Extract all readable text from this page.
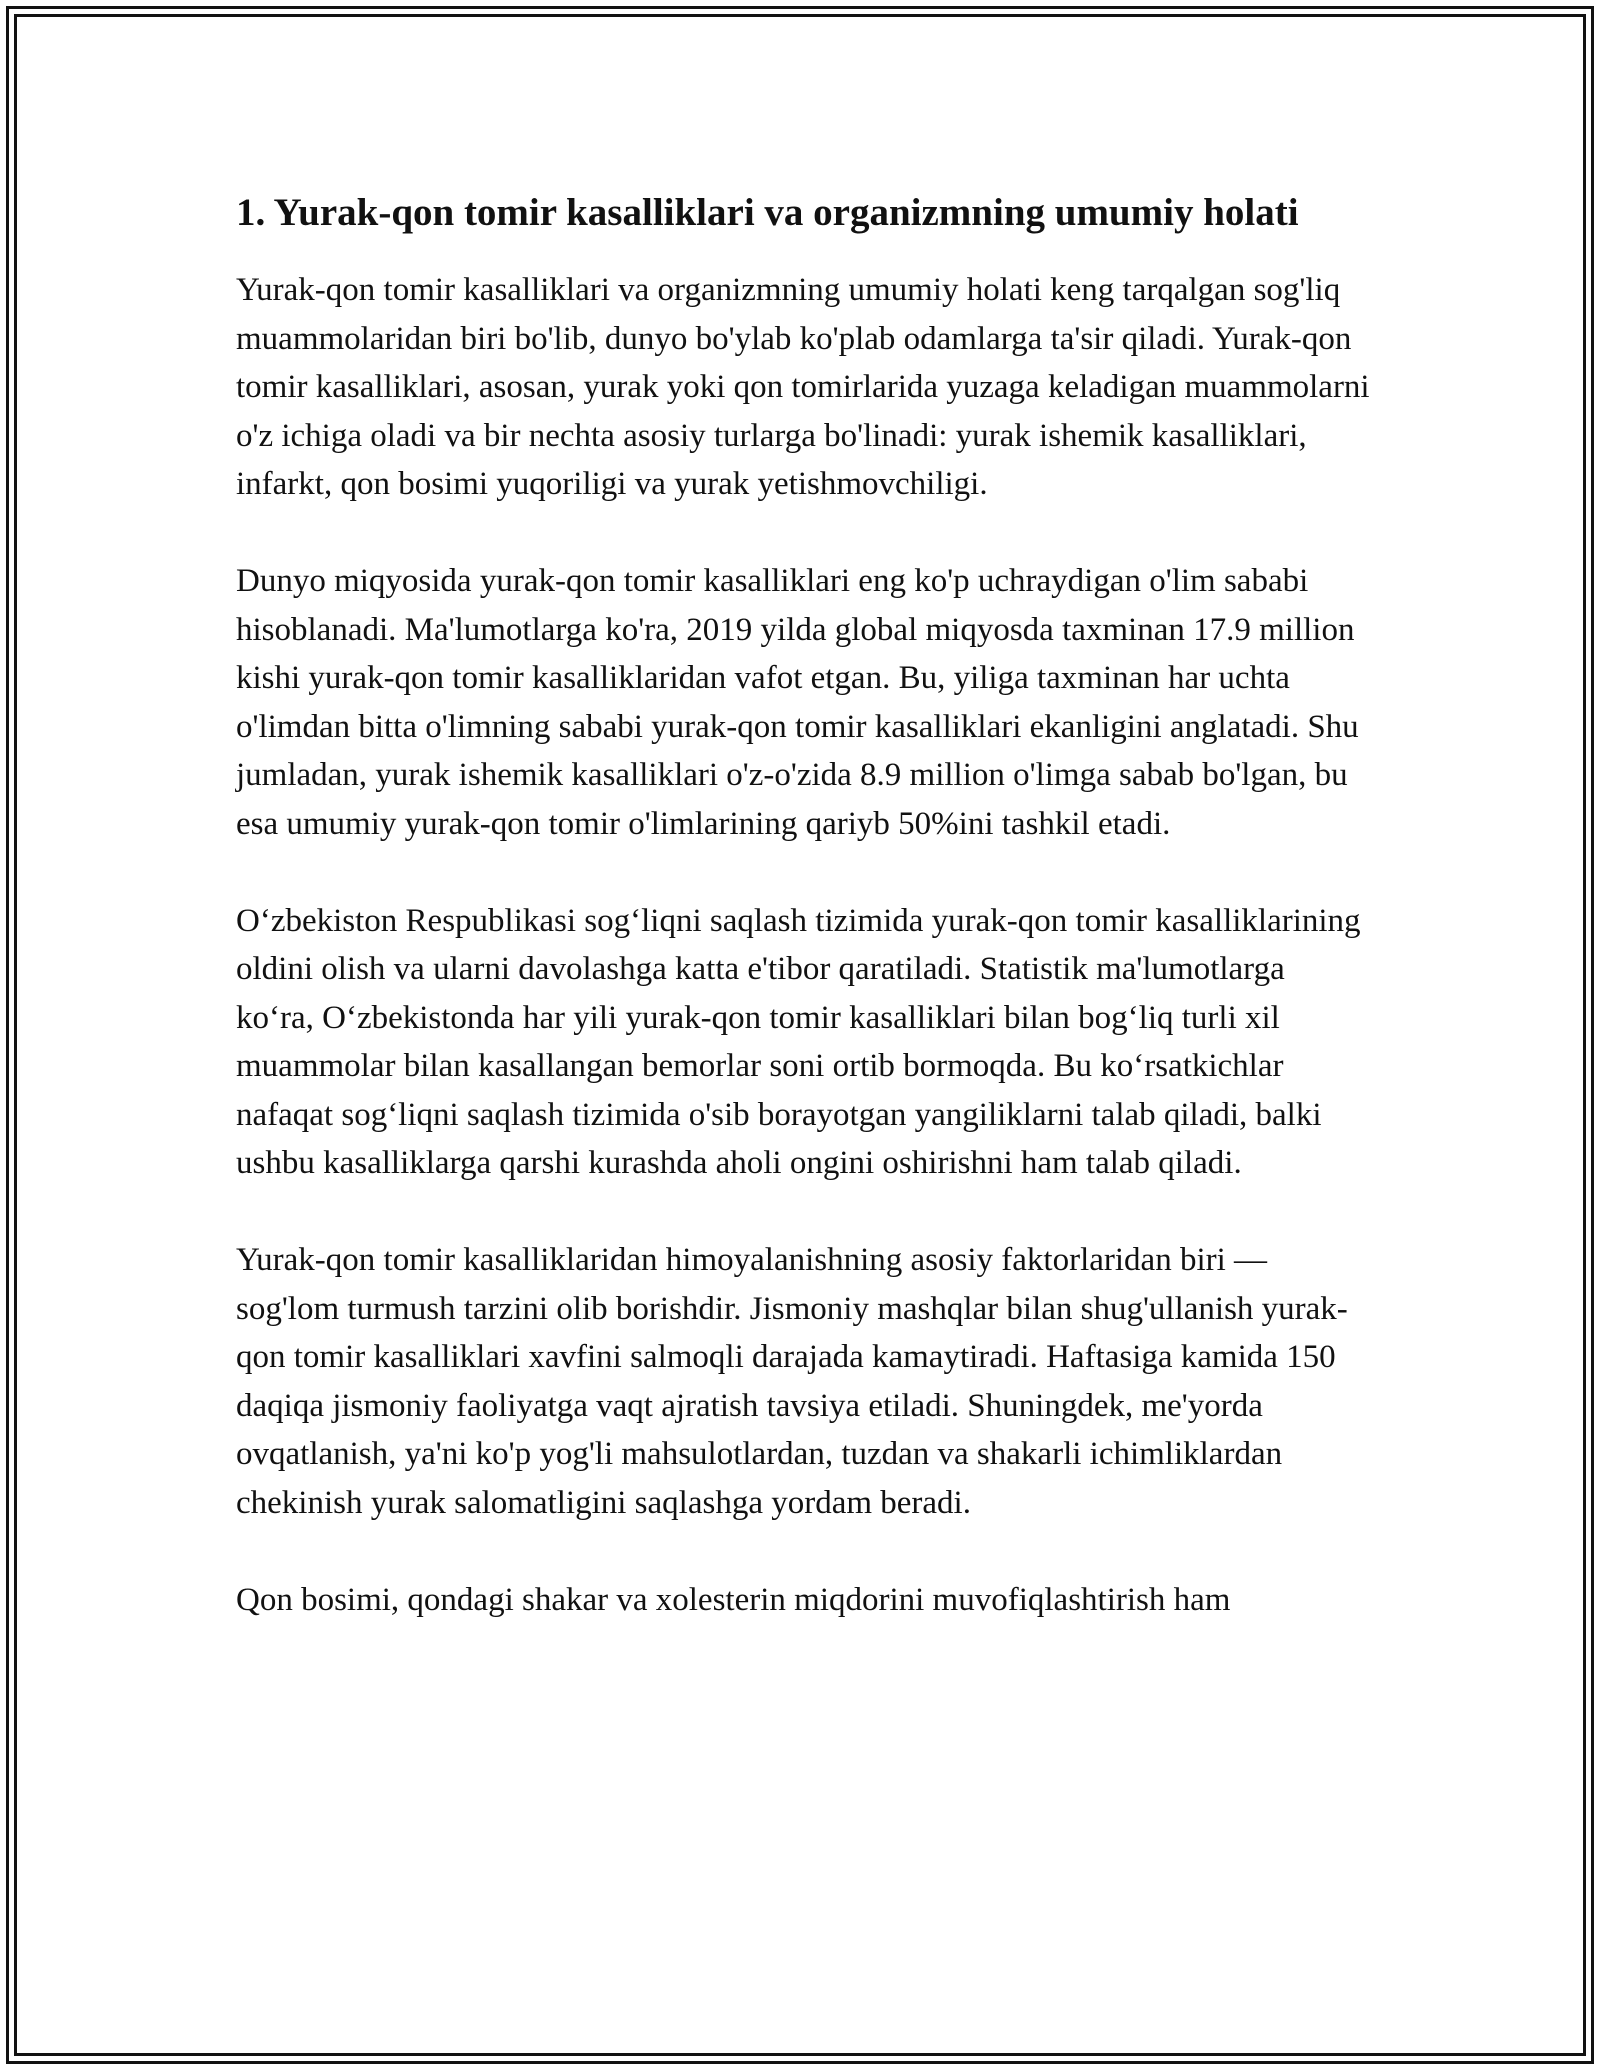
1. Yurak-qon tomir kasalliklari va organizmning umumiy holati

Yurak-qon tomir kasalliklari va organizmning umumiy holati keng tarqalgan sog'liq muammolaridan biri bo'lib, dunyo bo'ylab ko'plab odamlarga ta'sir qiladi. Yurak-qon tomir kasalliklari, asosan, yurak yoki qon tomirlarida yuzaga keladigan muammolarni o'z ichiga oladi va bir nechta asosiy turlarga bo'linadi: yurak ishemik kasalliklari, infarkt, qon bosimi yuqoriligi va yurak yetishmovchiligi.

Dunyo miqyosida yurak-qon tomir kasalliklari eng ko'p uchraydigan o'lim sababi hisoblanadi. Ma'lumotlarga ko'ra, 2019 yilda global miqyosda taxminan 17.9 million kishi yurak-qon tomir kasalliklaridan vafot etgan. Bu, yiliga taxminan har uchta o'limdan bitta o'limning sababi yurak-qon tomir kasalliklari ekanligini anglatadi. Shu jumladan, yurak ishemik kasalliklari o'z-o'zida 8.9 million o'limga sabab bo'lgan, bu esa umumiy yurak-qon tomir o'limlarining qariyb 50%ini tashkil etadi.

O‘zbekiston Respublikasi sog‘liqni saqlash tizimida yurak-qon tomir kasalliklarining oldini olish va ularni davolashga katta e'tibor qaratiladi. Statistik ma'lumotlarga ko‘ra, O‘zbekistonda har yili yurak-qon tomir kasalliklari bilan bog‘liq turli xil muammolar bilan kasallangan bemorlar soni ortib bormoqda. Bu ko‘rsatkichlar nafaqat sog‘liqni saqlash tizimida o'sib borayotgan yangiliklarni talab qiladi, balki ushbu kasalliklarga qarshi kurashda aholi ongini oshirishni ham talab qiladi.

Yurak-qon tomir kasalliklaridan himoyalanishning asosiy faktorlaridan biri — sog'lom turmush tarzini olib borishdir. Jismoniy mashqlar bilan shug'ullanish yurak-qon tomir kasalliklari xavfini salmoqli darajada kamaytiradi. Haftasiga kamida 150 daqiqa jismoniy faoliyatga vaqt ajratish tavsiya etiladi. Shuningdek, me'yorda ovqatlanish, ya'ni ko'p yog'li mahsulotlardan, tuzdan va shakarli ichimliklardan chekinish yurak salomatligini saqlashga yordam beradi.

Qon bosimi, qondagi shakar va xolesterin miqdorini muvofiqlashtirish ham
